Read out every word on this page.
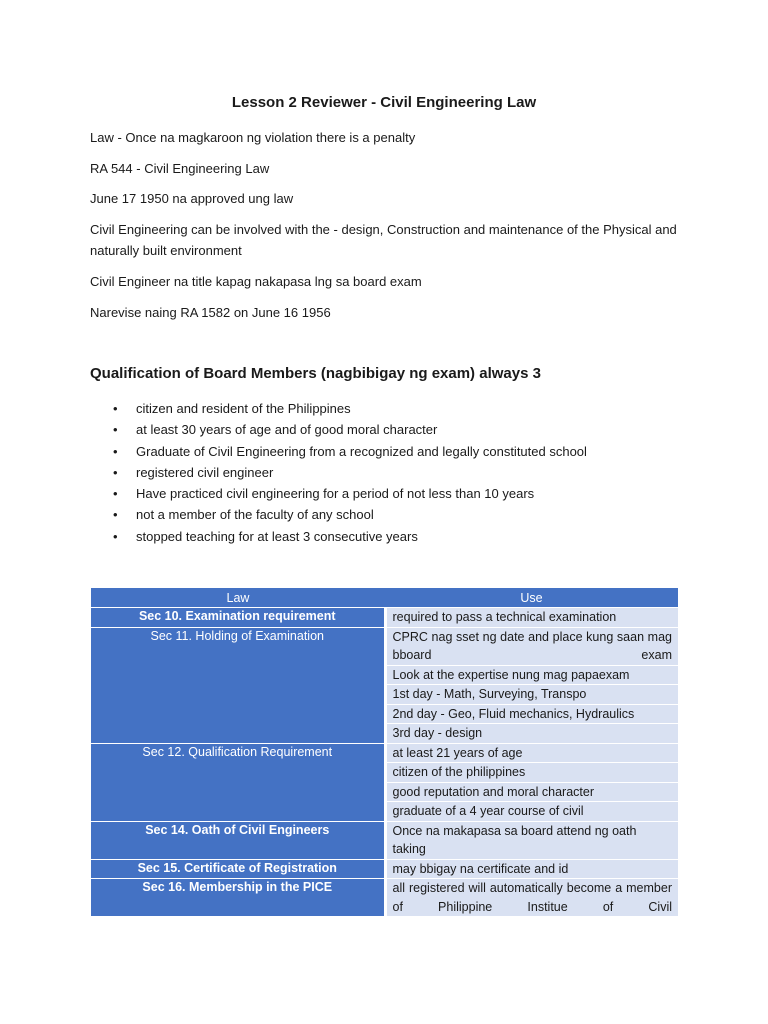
Lesson 2 Reviewer - Civil Engineering Law
Law - Once na magkaroon ng violation there is a penalty
RA 544 - Civil Engineering Law
June 17 1950 na approved ung law
Civil Engineering can be involved with the - design, Construction and maintenance of the Physical and naturally built environment
Civil Engineer na title kapag nakapasa lng sa board exam
Narevise naing RA 1582 on June 16 1956
Qualification of Board Members (nagbibigay ng exam) always 3
• citizen and resident of the Philippines
• at least 30 years of age and of good moral character
• Graduate of Civil Engineering from a recognized and legally constituted school
• registered civil engineer
• Have practiced civil engineering for a period of not less than 10 years
• not a member of the faculty of any school
• stopped teaching for at least 3 consecutive years
Law	Use
Sec 10. Examination requirement	required to pass a technical examination
Sec 11. Holding of Examination	CPRC nag sset ng date and place kung saan mag bboard exam
	Look at the expertise nung mag papaexam
	1st day - Math, Surveying, Transpo
	2nd day - Geo, Fluid mechanics, Hydraulics
	3rd day - design
Sec 12. Qualification Requirement	at least 21 years of age
	citizen of the philippines
	good reputation and moral character
	graduate of a 4 year course of civil
Sec 14. Oath of Civil Engineers	Once na makapasa sa board attend ng oath taking
Sec 15. Certificate of Registration	may bbigay na certificate and id
Sec 16. Membership in the PICE	all registered will automatically become a member of Philippine Institue of Civil
